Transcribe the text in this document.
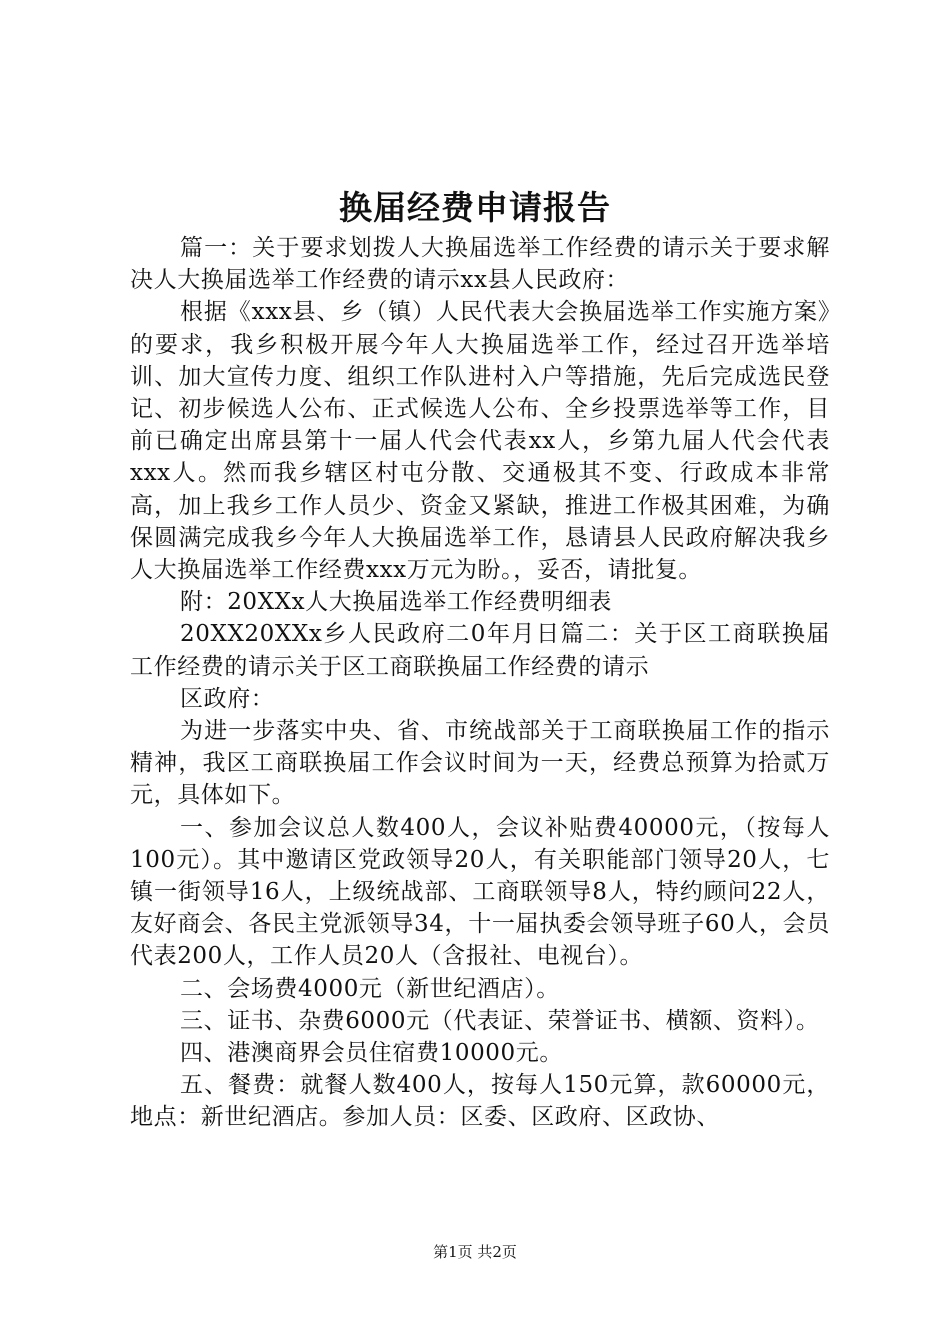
换届经费申请报告

篇一：关于要求划拨人大换届选举工作经费的请示关于要求解决人大换届选举工作经费的请示xx县人民政府：

根据《xxx县、乡（镇）人民代表大会换届选举工作实施方案》的要求，我乡积极开展今年人大换届选举工作，经过召开选举培训、加大宣传力度、组织工作队进村入户等措施，先后完成选民登记、初步候选人公布、正式候选人公布、全乡投票选举等工作，目前已确定出席县第十一届人代会代表xx人，乡第九届人代会代表xxx人。然而我乡辖区村屯分散、交通极其不变、行政成本非常高，加上我乡工作人员少、资金又紧缺，推进工作极其困难，为确保圆满完成我乡今年人大换届选举工作，恳请县人民政府解决我乡人大换届选举工作经费xxx万元为盼。，妥否，请批复。

附：20XXx人大换届选举工作经费明细表

20XX20XXx乡人民政府二0年月日篇二：关于区工商联换届工作经费的请示关于区工商联换届工作经费的请示

区政府：

为进一步落实中央、省、市统战部关于工商联换届工作的指示精神，我区工商联换届工作会议时间为一天，经费总预算为拾贰万元，具体如下。

一、参加会议总人数400人，会议补贴费40000元，（按每人100元）。其中邀请区党政领导20人，有关职能部门领导20人，七镇一街领导16人，上级统战部、工商联领导8人，特约顾问22人，友好商会、各民主党派领导34，十一届执委会领导班子60人，会员代表200人，工作人员20人（含报社、电视台）。

二、会场费4000元（新世纪酒店）。

三、证书、杂费6000元（代表证、荣誉证书、横额、资料）。

四、港澳商界会员住宿费10000元。

五、餐费：就餐人数400人，按每人150元算，款60000元，地点：新世纪酒店。参加人员：区委、区政府、区政协、

第1页 共2页
